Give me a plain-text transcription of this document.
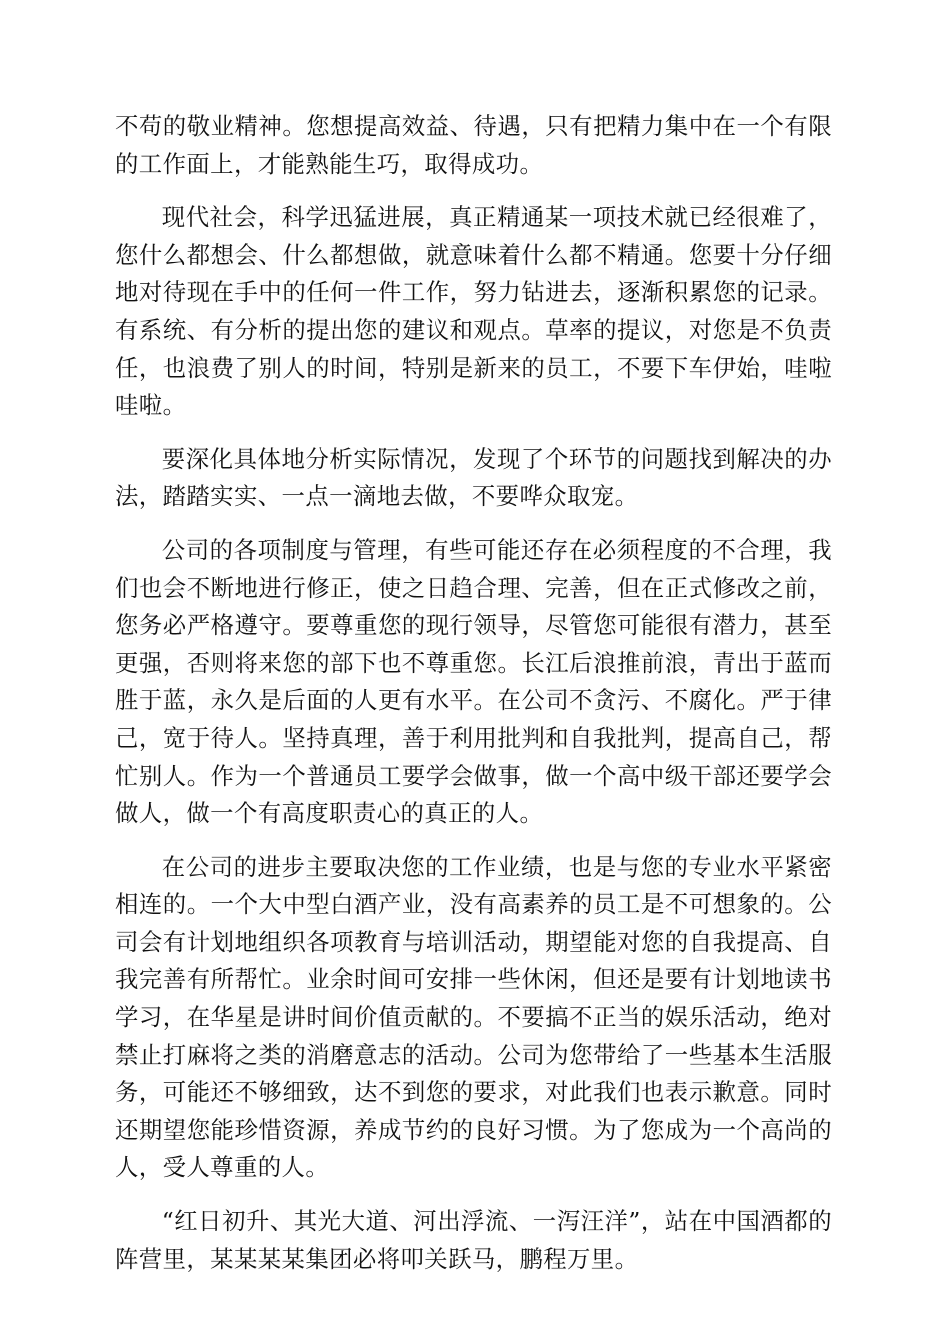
不苟的敬业精神。您想提高效益、待遇，只有把精力集中在一个有限的工作面上，才能熟能生巧，取得成功。

现代社会，科学迅猛进展，真正精通某一项技术就已经很难了，您什么都想会、什么都想做，就意味着什么都不精通。您要十分仔细地对待现在手中的任何一件工作，努力钻进去，逐渐积累您的记录。有系统、有分析的提出您的建议和观点。草率的提议，对您是不负责任，也浪费了别人的时间，特别是新来的员工，不要下车伊始，哇啦哇啦。

要深化具体地分析实际情况，发现了个环节的问题找到解决的办法，踏踏实实、一点一滴地去做，不要哗众取宠。

公司的各项制度与管理，有些可能还存在必须程度的不合理，我们也会不断地进行修正，使之日趋合理、完善，但在正式修改之前，您务必严格遵守。要尊重您的现行领导，尽管您可能很有潜力，甚至更强，否则将来您的部下也不尊重您。长江后浪推前浪，青出于蓝而胜于蓝，永久是后面的人更有水平。在公司不贪污、不腐化。严于律己，宽于待人。坚持真理，善于利用批判和自我批判，提高自己，帮忙别人。作为一个普通员工要学会做事，做一个高中级干部还要学会做人，做一个有高度职责心的真正的人。

在公司的进步主要取决您的工作业绩，也是与您的专业水平紧密相连的。一个大中型白酒产业，没有高素养的员工是不可想象的。公司会有计划地组织各项教育与培训活动，期望能对您的自我提高、自我完善有所帮忙。业余时间可安排一些休闲，但还是要有计划地读书学习，在华星是讲时间价值贡献的。不要搞不正当的娱乐活动，绝对禁止打麻将之类的消磨意志的活动。公司为您带给了一些基本生活服务，可能还不够细致，达不到您的要求，对此我们也表示歉意。同时还期望您能珍惜资源，养成节约的良好习惯。为了您成为一个高尚的人，受人尊重的人。

“红日初升、其光大道、河出浮流、一泻汪洋”，站在中国酒都的阵营里，某某某某集团必将叩关跃马，鹏程万里。
